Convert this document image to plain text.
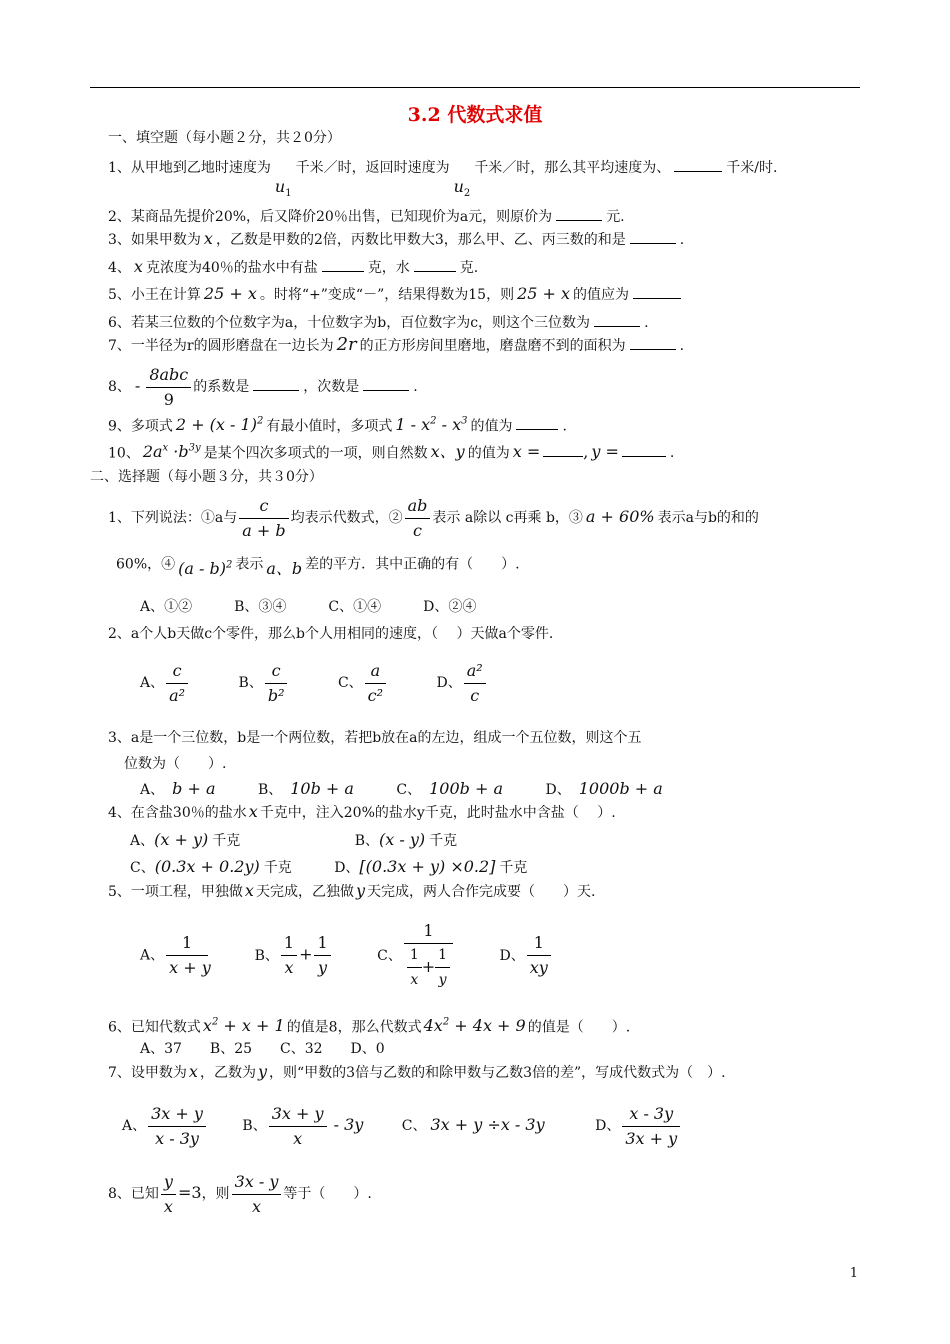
3.2 代数式求值
一、填空题（每小题２分，共２0分）
1、从甲地到乙地时速度为$u_1$千米／时，返回时速度为$u_2$千米／时，那么其平均速度为、	千米/时.
2、某商品先提价20%，后又降价20％出售，已知现价为a元，则原价为	元.
3、如果甲数为 x ，乙数是甲数的2倍，丙数比甲数大3，那么甲、乙、丙三数的和是	.
4、 x 克浓度为40％的盐水中有盐	克，水	克.
5、小王在计算 25 + x 。时将“+”变成“－”，结果得数为15，则 25 + x 的值应为
6、若某三位数的个位数字为a，十位数字为b，百位数字为c，则这个三位数为	.
7、一半径为r的圆形磨盘在一边长为 2r 的正方形房间里磨地，磨盘磨不到的面积为	.
8、 - $\frac{\text{8abc}}{9}$ 的系数是	，次数是	.
9、多项式 2 + (x - 1)$^2$ 有最小值时，多项式 $1 - x^2 - x^3$ 的值为	.
10、 $2a^x \cdot b^{3y}$ 是某个四次多项式的一项，则自然数 x、y 的值为 x =	, y =	.
二、选择题（每小题３分，共３0分）
1、下列说法：①a与 $\frac{c}{a + b}$ 均表示代数式，② $\frac{ab}{c}$ 表示 a除以 c再乘 b，③ a + 60% 表示a与b的和的
60%，④ (a - b)$^2$ 表示 a、b 差的平方．其中正确的有（　　）.
A、①②　　　B、③④　　　C、①④　　　D、②④
2、a个人b天做c个零件，那么b个人用相同的速度，（　 ）天做a个零件.
A、 $\frac{c}{\text{a²}}$	B、 $\frac{c}{\text{b²}}$	C、 $\frac{a}{\text{c²}}$	D、 $\frac{\text{a²}}{c}$
3、a是一个三位数，b是一个两位数，若把b放在a的左边，组成一个五位数，则这个五
位数为（　　）.
A、 b + a	B、 10b + a	C、 100b + a	D、 1000b + a
4、在含盐30％的盐水 x 千克中，注入20%的盐水y千克，此时盐水中含盐（　 ）.
A、(x + y) 千克	B、(x - y) 千克
C、(0.3x + 0.2y) 千克	D、[(0.3x + y) ×0.2] 千克
5、一项工程，甲独做 x 天完成，乙独做 y 天完成，两人合作完成要（　　）天.
A、 $\frac{1}{x + y}$	B、 $\frac{1}{x} + \frac{1}{y}$	C、 $\frac{1}{\frac{1}{x} + \frac{1}{y}}$	D、 $\frac{1}{xy}$
6、已知代数式 $x^2 + x + 1$ 的值是8，那么代数式 $4x^2 + 4x + 9$ 的值是（　　）.
A、37　　B、25　　C、32　　D、0
7、设甲数为 x ，乙数为 y ，则“甲数的3倍与乙数的和除甲数与乙数3倍的差”，写成代数式为（　）.
A、 $\frac{3x + y}{x - 3y}$	B、 $\frac{3x + y}{x} - 3y$	C、 3x + y ÷x - 3y	D、 $\frac{x - 3y}{3x + y}$
8、已知 $\frac{y}{x} =3$，则 $\frac{3x - y}{x}$ 等于（　　）.
1
